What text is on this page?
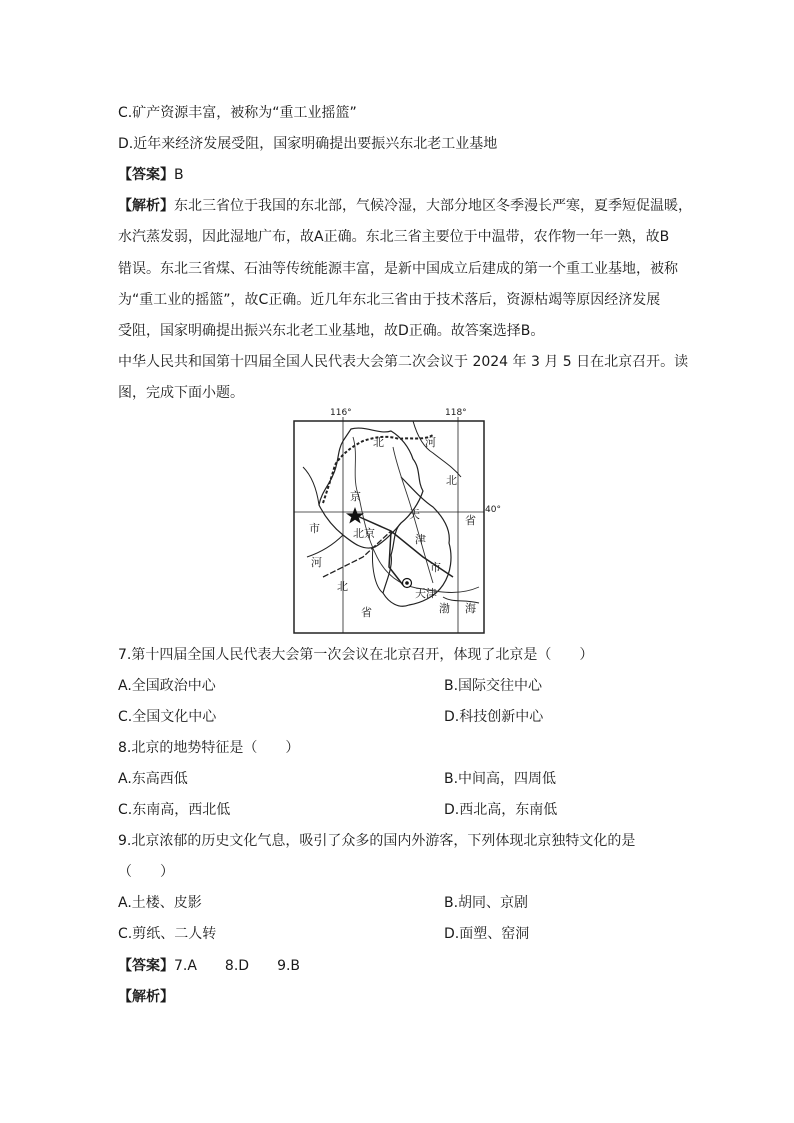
C.矿产资源丰富，被称为“重工业摇篮”
D.近年来经济发展受阻，国家明确提出要振兴东北老工业基地
【答案】B
【解析】东北三省位于我国的东北部，气候冷湿，大部分地区冬季漫长严寒，夏季短促温暖，
水汽蒸发弱，因此湿地广布，故A正确。东北三省主要位于中温带，农作物一年一熟，故B
错误。东北三省煤、石油等传统能源丰富，是新中国成立后建成的第一个重工业基地，被称
为“重工业的摇篮”，故C正确。近几年东北三省由于技术落后，资源枯竭等原因经济发展
受阻，国家明确提出振兴东北老工业基地，故D正确。故答案选择B。
中华人民共和国第十四届全国人民代表大会第二次会议于 2024 年 3 月 5 日在北京召开。读
图，完成下面小题。
116°	118°
40°
河
北
北
省
京
北京
市
天
津
市
河
北
省
天津
渤 海
7.第十四届全国人民代表大会第一次会议在北京召开，体现了北京是（　　）
A.全国政治中心	B.国际交往中心
C.全国文化中心	D.科技创新中心
8.北京的地势特征是（　　）
A.东高西低	B.中间高，四周低
C.东南高，西北低	D.西北高，东南低
9.北京浓郁的历史文化气息，吸引了众多的国内外游客，下列体现北京独特文化的是
（　　）
A.土楼、皮影	B.胡同、京剧
C.剪纸、二人转	D.面塑、窑洞
【答案】7.A　　8.D　　9.B
【解析】
